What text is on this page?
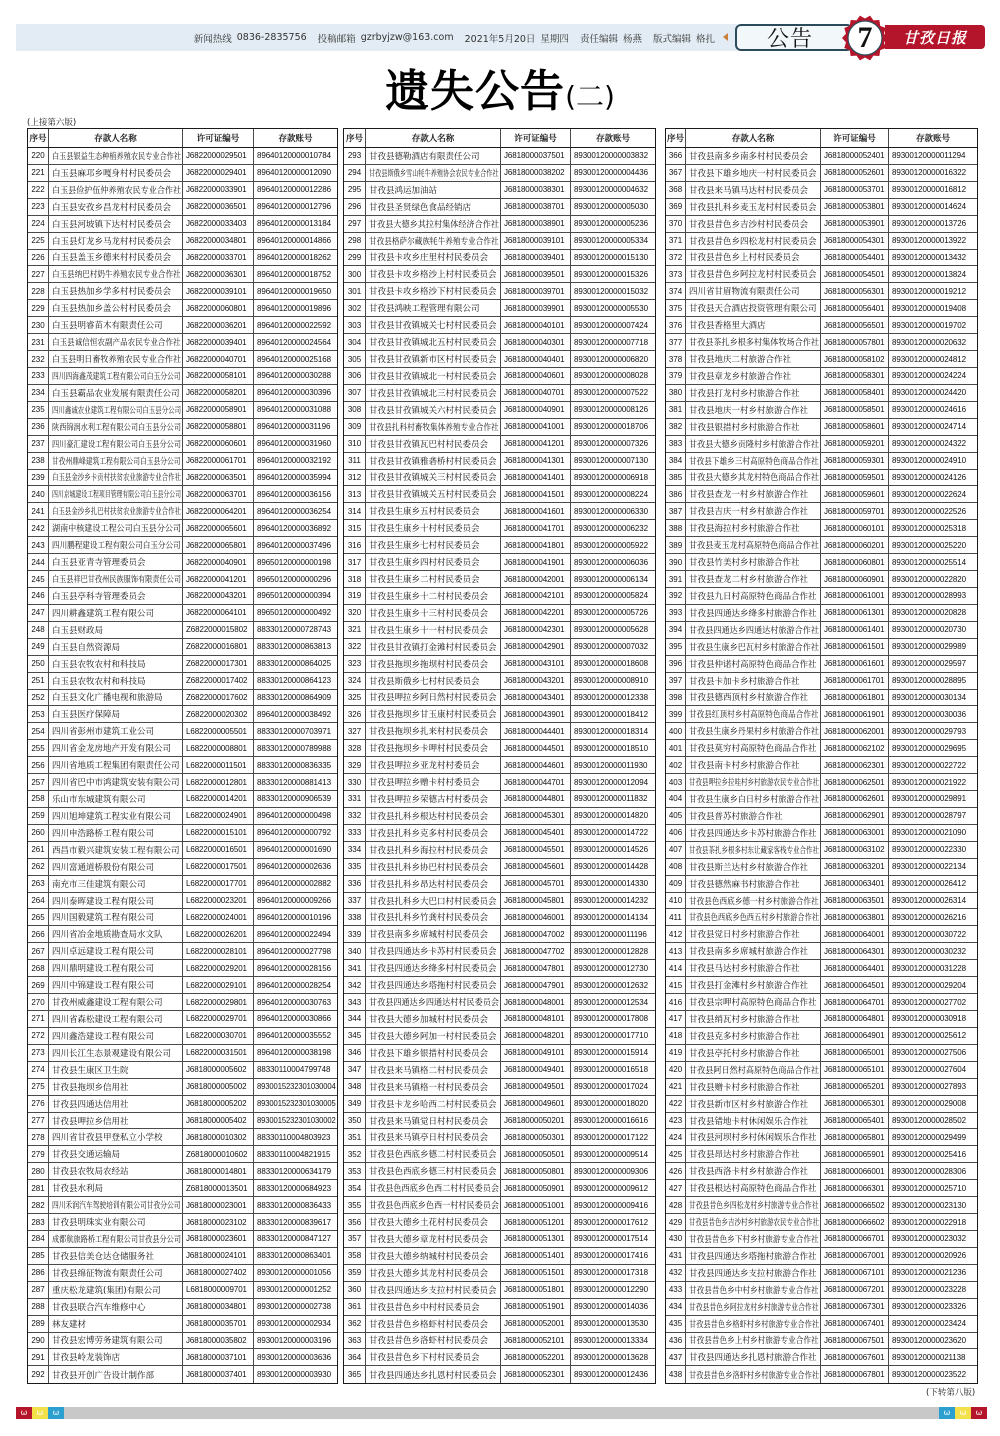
新闻热线 0836-2835756 投稿邮箱 gzrbyjzw@163.com 2021年5月20日 星期四 责任编辑 杨燕 版式编辑 格扎 公告	7	甘孜日报
遗失公告(二)
(上接第六版)
序号	存款人名称	许可证编号	存款账号
220 白玉县银益生态种植养殖农民专业合作社 J6822000029501 89640120000010784
221 白玉县麻邛乡嘎身村村民委员会 J6822000029401 89640120000012090
222 白玉县俭护伍仲养殖农民专业合作社 J6822000033901 89640120000012286
223 白玉县安孜乡昌龙村村民委员会 J6822000036501 89640120000012796
224 白玉县河坡镇下达村村民委员会 J6822000033403 89640120000013184
225 白玉县灯龙乡马龙村村民委员会 J6822000034801 89640120000014866
226 白玉县盖玉乡德来村村民委员会 J6822000033701 89640120000018262
227 白玉县纳巴村奶牛养殖农民专业合作社 J6822000036301 89640120000018752
228 白玉县热加乡学多村村民委员会 J6822000039101 89640120000019650
229 白玉县热加乡盖公村村民委员会 J6822000060801 89640120000019896
230 白玉县明睿苗木有限责任公司	J6822000036201 89640120000022592
231 白玉县诚信恒农副产品农民专业合作社 J6822000039401 89640120000024564
232 白玉县明日畜牧养殖农民专业合作社 J6822000040701 89640120000025168
233 四川四海鑫茂建筑工程有限公司白玉分公司 J6822000058101 89640120000030288
234 白玉县霸品农业发展有限责任公司 J6822000058201 89640120000030396
235 四川鑫诚农业建筑工程有限公司白玉县分公司 J6822000058901 89640120000031088
236 陕西锦润水利工程有限公司白玉县分公司 J6822000058801 89640120000031196
237 四川豪汇建设工程有限公司白玉县分公司 J6822000060601 89640120000031960
238 甘孜州鼎峰建筑工程有限公司白玉县分公司 J6822000061701 89640120000032192
239 白玉县金沙乡卡贡村扶贫农业旅游专业合作社 J6822000063501 89640120000035994
240 四川京城建设工程项目管理有限公司白玉县分公司 J6822000063701 89640120000036156
241 白玉县金沙乡扎巴村扶贫农业旅游专业合作社 J6822000064201 89640120000036254
242 湖南中核建设工程公司白玉县分公司 J6822000065601 89640120000036892
243 四川鹏程建设工程有限公司白玉分公司 J6822000065801 89640120000037496
244 白玉县亚青寺管理委员会	J6822000040901 89650120000000198
245 白玉县祥巴甘孜州民族服饰有限责任公司 J6822000041201 89650120000000296
246 白玉县亭科寺管理委员会	J6822000043201 89650120000000394
247 四川耕鑫建筑工程有限公司	J6822000064101 89650120000000492
248 白玉县财政局	Z6822000015802 88330120000728743
249 白玉县自然资源局	Z6822000016801 88330120000863813
250 白玉县农牧农村和科技局	Z6822000017301 88330120000864025
251 白玉县农牧农村和科技局	Z6822000017402 88330120000864123
252 白玉县文化广播电视和旅游局	Z6822000017602 88330120000864909
253 白玉县医疗保障局	Z6822000020302 89640120000038492
254 四川省彭州市建筑工业公司	L6822000005501 88330120000703971
255 四川省金龙房地产开发有限公司 L6822000008801 88330120000789988
256 四川省地质工程集团有限责任公司 L6822000011501 88330120000836335
257 四川省巴中市鸿建筑安装有限公司 L6822000012801 88330120000881413
258 乐山市东城建筑有限公司	L6822000014201 88330120000906539
259 四川旭坤建筑工程实业有限公司 L6822000024901 89640120000000498
260 四川申浩路桥工程有限公司	L6822000015101 89640120000000792
261 西昌市毅兴建筑安装工程有限公司 L6822000016501 89640120000001690
262 四川富通道桥股份有限公司	L6822000017501 89640120000002636
263 南充市三佳建筑有限公司	L6822000017701 89640120000002882
264 四川泰晖建设工程有限公司	L6822000023201 89640120000009266
265 四川国毅建筑工程有限公司	L6822000024001 89640120000010196
266 四川省冶金地质勘查局水文队	L6822000026201 89640120000022494
267 四川卓远建设工程有限公司	L6822000028101 89640120000027798
268 四川鼎明建设工程有限公司	L6822000029201 89640120000028156
269 四川中锦建设工程有限公司	L6822000029101 89640120000028254
270 甘孜州威鑫建设工程有限公司	L6822000029801 89640120000030763
271 四川省森松建设工程有限公司	L6822000029701 89640120000030866
272 四川鑫浩建设工程有限公司	L6822000030701 89640120000035552
273 四川长江生态景观建设有限公司 L6822000031501 89640120000038198
274 甘孜县生康区卫生院	J6818000005602 88330110004799748
275 甘孜县拖坝乡信用社	J6818000005002 8930015232301030004
276 甘孜县四通达信用社	J6818000005202 8930015232301030005
277 甘孜县呷拉乡信用社	J6818000005402 8930015232301030002
278 四川省甘孜县甲登私立小学校	J6818000010302 88330110004803923
279 甘孜县交通运输局	Z6818000010602 88330110004821915
280 甘孜县农牧局农经站	J6818000014801 88330120000634179
281 甘孜县水利局	Z6818000013501 88330120000684923
282 四川禾润汽车驾驶培训有限公司甘孜分公司 J6818000023001 88330120000836433
283 甘孜县明珠实业有限公司	J6818000023102 88330120000839617
284 成都航旅路桥工程有限公司甘孜县分公司 J6818000023601 88330120000847127
285 甘孜县信美仓达仓储服务社	J6818000024101 88330120000863401
286 甘孜县绵征物流有限责任公司	J6818000027402 89300120000001056
287 重庆松龙建筑(集团)有限公司	L6818000009701 89300120000001252
288 甘孜县联合汽车维修中心	J6818000034801 89300120000002738
289 林友建材	J6818000035701 89300120000002934
290 甘孜县宏博劳务建筑有限公司	J6818000035802 89300120000003196
291 甘孜县岭龙装饰店	J6818000037101 89300120000003636
292 甘孜县开创广告设计制作部	J6818000037401 89300120000003930
序号	存款人名称	许可证编号	存款账号
293 甘孜县德勒酒店有限责任公司	J6818000037501 89300120000003832
294 甘孜县斯俄乡雪山牦牛养殖协会农民专业合作社 J6818000038202 89300120000004436
295 甘孜县鸿运加油站	J6818000038301 89300120000004632
296 甘孜县圣贤绿色食品经销店	J6818000038701 89300120000005030
297 甘孜县大德乡其拉村集体经济合作社 J6818000038901 89300120000005236
298 甘孜县格萨尔藏族牦牛养殖专业合作社 J6818000039101 89300120000005334
299 甘孜县卡攻乡庄里村村民委员会 J6818000039401 89300120000015130
300 甘孜县卡攻乡格沙上村村民委员会 J6818000039501 89300120000015326
301 甘孜县卡攻乡格沙下村村民委员会 J6818000039701 89300120000015032
302 甘孜县鸿映工程管理有限公司	J6818000039901 89300120000005530
303 甘孜县甘孜镇城关七村村民委员会 J6818000040101 89300120000007424
304 甘孜县甘孜镇城北五村村民委员会 J6818000040301 89300120000007718
305 甘孜县甘孜镇新市区村村民委员会 J6818000040401 89300120000006820
306 甘孜县甘孜镇城北一村村民委员会 J6818000040601 89300120000008028
307 甘孜县甘孜镇城北三村村民委员会 J6818000040701 89300120000007522
308 甘孜县甘孜镇城关六村村民委员会 J6818000040901 89300120000008126
309 甘孜县扎科村畜牧集体养殖专业合作社 J6818000041001 89300120000018706
310 甘孜县甘孜镇瓦巴村村民委员会 J6818000041201 89300120000007326
311 甘孜县甘孜镇雅砻桥村村民委员会 J6818000041301 89300120000007130
312 甘孜县甘孜镇城关三村村民委员会 J6818000041401 89300120000006918
313 甘孜县甘孜镇城关五村村民委员会 J6818000041501 89300120000008224
314 甘孜县生康乡五村村民委员会	J6818000041601 89300120000006330
315 甘孜县生康乡十村村民委员会	J6818000041701 89300120000006232
316 甘孜县生康乡七村村民委员会	J6818000041801 89300120000005922
317 甘孜县生康乡四村村民委员会	J6818000041901 89300120000006036
318 甘孜县生康乡二村村民委员会	J6818000042001 89300120000006134
319 甘孜县生康乡十二村村民委员会 J6818000042101 89300120000005824
320 甘孜县生康乡十三村村民委员会 J6818000042201 89300120000005726
321 甘孜县生康乡十一村村民委员会 J6818000042301 89300120000005628
322 甘孜县甘孜镇打金滩村村民委员会 J6818000042901 89300120000007032
323 甘孜县拖坝乡拖坝村村民委员会 J6818000043101 89300120000018608
324 甘孜县斯俄乡七村村民委员会	J6818000043201 89300120000008910
325 甘孜县呷拉乡阿日然村村民委员会 J6818000043401 89300120000012338
326 甘孜县拖坝乡甘玉康村村民委员会 J6818000043901 89300120000018412
327 甘孜县拖坝乡扎来村村民委员会 J6818000044401 89300120000018314
328 甘孜县拖坝乡卡呷村村民委员会 J6818000044501 89300120000018510
329 甘孜县呷拉乡亚龙村村委员会	J6818000044601 89300120000011930
330 甘孜县呷拉乡赠卡村村委员会	J6818000044701 89300120000012094
331 甘孜县呷拉乡荣德古村村委员会 J6818000044801 89300120000011832
332 甘孜县扎科乡根达村村民委员会 J6818000045301 89300120000014820
333 甘孜县扎科乡克多村村民委员会 J6818000045401 89300120000014722
334 甘孜县扎科乡海拉村村民委员会 J6818000045501 89300120000014526
335 甘孜县扎科乡协巴村村民委员会 J6818000045601 89300120000014428
336 甘孜县扎科乡昂达村村民委员会 J6818000045701 89300120000014330
337 甘孜县扎科乡大巴口村村民委员会 J6818000045801 89300120000014232
338 甘孜县扎科乡竹龚村村民委员会 J6818000046001 89300120000014134
339 甘孜县南多乡席城村村民委员会 J6818000047002 89300120000011196
340 甘孜县四通达乡卡苏村村民委员会 J6818000047702 89300120000012828
341 甘孜县四通达乡绛多村村民委员会 J6818000047801 89300120000012730
342 甘孜县四通达乡塔拖村村民委员会 J6818000047901 89300120000012632
343 甘孜县四通达乡四通达村村民委员会 J6818000048001 89300120000012534
344 甘孜县大德乡加城村村民委员会 J6818000048101 89300120000017808
345 甘孜县大德乡阿加一村村民委员会 J6818000048201 89300120000017710
346 甘孜县下雄乡银措村村民委员会 J6818000049101 89300120000015914
347 甘孜县来马镇格二村村民委员会 J6818000049401 89300120000016518
348 甘孜县来马镇格一村村民委员会 J6818000049501 89300120000017024
349 甘孜县卡龙乡哈西二村村民委员会 J6818000049601 89300120000018020
350 甘孜县来马镇觉日村村民委员会 J6818000050201 89300120000016616
351 甘孜县来马镇亭日村村民委员会 J6818000050301 89300120000017122
352 甘孜县色西底乡德二村村民委员会 J6818000050501 89300120000009514
353 甘孜县色西底乡德三村村民委员会 J6818000050801 89300120000009306
354 甘孜县色西底乡色西二村村民委员会 J6818000050901 89300120000009612
355 甘孜县色西底乡色西一村村民委员会 J6818000051001 89300120000009416
356 甘孜县大德乡土花村村民委员会 J6818000051201 89300120000017612
357 甘孜县大德乡章龙村村民委员会 J6818000051301 89300120000017514
358 甘孜县大德乡纳城村村民委员会 J6818000051401 89300120000017416
359 甘孜县大德乡其龙村村民委员会 J6818000051501 89300120000017318
360 甘孜县四通达乡支拉村村民委员会 J6818000051801 89300120000012290
361 甘孜县昔色乡中村村民委员会	J6818000051901 89300120000014036
362 甘孜县昔色乡格虾村村民委员会 J6818000052001 89300120000013530
363 甘孜县昔色乡洛虾村村民委员会 J6818000052101 89300120000013334
364 甘孜县昔色乡下村村民委员会	J6818000052201 89300120000013628
365 甘孜县四通达乡扎恩村村民委员会 J6818000052301 89300120000012436
序号	存款人名称	许可证编号	存款账号
366 甘孜县南多乡南多村村民委员会 J6818000052401 89300120000011294
367 甘孜县下雄乡地庆一村村民委员会 J6818000052601 89300120000016322
368 甘孜县来马镇马达村村民委员会 J6818000053701 89300120000016812
369 甘孜县扎科乡麦玉龙村村民委员会 J6818000053801 89300120000014624
370 甘孜县昔色乡吉沙村村民委员会 J6818000053901 89300120000013726
371 甘孜县昔色乡四松龙村村民委员会 J6818000054301 89300120000013922
372 甘孜县昔色乡上村村民委员会	J6818000054401 89300120000013432
373 甘孜县昔色乡阿拉龙村村民委员会 J6818000054501 89300120000013824
374 四川省甘眉物流有限责任公司	J6818000056301 89300120000019212
375 甘孜县天合酒店投资管理有限公司 J6818000056401 89300120000019408
376 甘孜县香格里大酒店	J6818000056501 89300120000019702
377 甘孜县茶扎乡根多村集体牧场合作社 J6818000057801 89300120000020632
378 甘孜县地庆二村旅游合作社	J6818000058102 89300120000024812
379 甘孜县章龙乡村旅游合作社	J6818000058301 89300120000024224
380 甘孜县打龙村乡村旅游合作社	J6818000058401 89300120000024420
381 甘孜县地庆一村乡村旅游合作社 J6818000058501 89300120000024616
382 甘孜县银措村乡村旅游合作社	J6818000058601 89300120000024714
383 甘孜县大德乡贡隆村乡村旅游合作社 J6818000059201 89300120000024322
384 甘孜县下雄乡三村高原特色商品合作社 J6818000059301 89300120000024910
385 甘孜县大德乡其龙村特色商品合作社 J6818000059501 89300120000024126
386 甘孜县查龙一村乡村旅游合作社 J6818000059601 89300120000022624
387 甘孜县吉庆一村乡村旅游合作社 J6818000059701 89300120000022526
388 甘孜县海拉村乡村旅游合作社	J6818000060101 89300120000025318
389 甘孜县麦玉龙村高原特色商品合作社 J6818000060201 89300120000025220
390 甘孜县竹美村乡村旅游合作社	J6818000060801 89300120000025514
391 甘孜县查龙二村乡村旅游合作社 J6818000060901 89300120000022820
392 甘孜县九日村高原特色商品合作社 J6818000061001 89300120000028993
393 甘孜县四通达乡绛多村旅游合作社 J6818000061301 89300120000020828
394 甘孜县四通达乡四通达村旅游合作社 J6818000061401 89300120000020730
395 甘孜县生康乡巴瓦村乡村旅游合作社 J6818000061501 89300120000029989
396 甘孜县仲诺村高原特色商品合作社 J6818000061601 89300120000029597
397 甘孜县卡加卡乡村旅游合作社	J6818000061701 89300120000028895
398 甘孜县德西顶村乡村旅游合作社 J6818000061801 89300120000030134
399 甘孜县红顶村乡村高原特色商品合作社 J6818000061901 89300120000030036
400 甘孜县生康乡丹果村乡村旅游合作社 J6818000062001 89300120000029793
401 甘孜县莫穷村高原特色商品合作社 J6818000062102 89300120000029695
402 甘孜县南卡村乡村旅游合作社	J6818000062301 89300120000022722
403 甘孜县呷拉乡拉哇村乡村旅游农民专业合作社 J6818000062501 89300120000021922
404 甘孜县生康乡白日村乡村旅游合作社 J6818000062601 89300120000029891
405 甘孜县普苏村旅游合作社	J6818000062901 89300120000028797
406 甘孜县四通达乡卡苏村旅游合作社 J6818000063001 89300120000021090
407 甘孜县茶扎乡根多村东让藏家客栈专业合作社 J6818000063102 89300120000022330
408 甘孜县斯兰达村乡村旅游合作社 J6818000063201 89300120000022134
409 甘孜县德然麻书村旅游合作社	J6818000063401 89300120000026412
410 甘孜县色西底乡德一村乡村旅游合作社 J6818000063501 89300120000026314
411 甘孜县色西底乡色西五村乡村旅游合作社 J6818000063801 89300120000026216
412 甘孜县觉日村乡村旅游合作社	J6818000064001 89300120000030722
413 甘孜县南多乡席城村旅游合作社 J6818000064301 89300120000030232
414 甘孜县马达村乡村旅游合作社	J6818000064401 89300120000031228
415 甘孜县打金滩村乡村旅游合作社 J6818000064501 89300120000029204
416 甘孜县宗呷村高原特色商品合作社 J6818000064701 89300120000027702
417 甘孜县绡瓦村乡村旅游合作社	J6818000064801 89300120000030918
418 甘孜县克多村乡村旅游合作社	J6818000064901 89300120000025612
419 甘孜县亭托村乡村旅游合作社	J6818000065001 89300120000027506
420 甘孜县阿日然村高原特色商品合作社 J6818000065101 89300120000027604
421 甘孜县赠卡村乡村旅游合作社	J6818000065201 89300120000027893
422 甘孜县新市区村乡村旅游合作社 J6818000065301 89300120000029008
423 甘孜县错地卡村休闲娱乐合作社 J6818000065401 89300120000028502
424 甘孜县河坝村乡村休闲娱乐合作社 J6818000065801 89300120000029499
425 甘孜县昂达村乡村旅游合作社	J6818000065901 89300120000025416
426 甘孜县西洛卡村乡村旅游合作社 J6818000066001 89300120000028306
427 甘孜县根达村高原特色商品合作社 J6818000066301 89300120000025710
428 甘孜县昔色乡四松龙村乡村旅游专业合作社 J6818000066502 89300120000023130
429 甘孜县昔色乡吉沙村乡村旅游农民专业合作社 J6818000066602 89300120000022918
430 甘孜县昔色乡下村乡村旅游专业合作社 J6818000066701 89300120000023032
431 甘孜县四通达乡塔拖村旅游合作社 J6818000067001 89300120000020926
432 甘孜县四通达乡支拉村旅游合作社 J6818000067101 89300120000021236
433 甘孜县昔色乡中村乡村旅游专业合作社 J6818000067201 89300120000023228
434 甘孜县昔色乡阿拉龙村乡村旅游专业合作社 J6818000067301 89300120000023326
435 甘孜县昔色乡格虾村乡村旅游专业合作社 J6818000067401 89300120000023424
436 甘孜县昔色乡上村乡村旅游专业合作社 J6818000067501 89300120000023620
437 甘孜县四通达乡扎恩村旅游合作社 J6818000067601 89300120000021138
438 甘孜县昔色乡洛虾村乡村旅游专业合作社 J6818000067801 89300120000023522
(下转第八版)
ω	ω	ω	ω	ω	ω
